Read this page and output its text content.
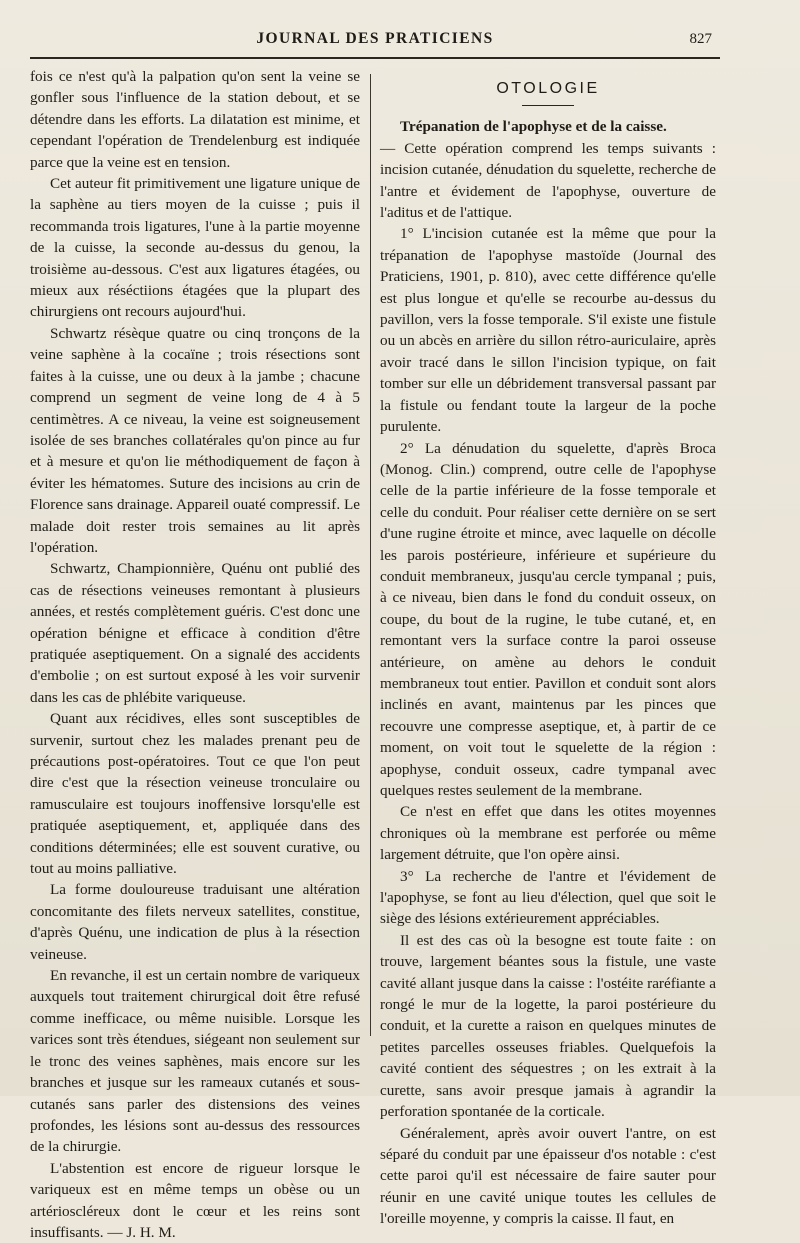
JOURNAL DES PRATICIENS	827

fois ce n'est qu'à la palpation qu'on sent la veine se gonfler sous l'influence de la station debout, et se détendre dans les efforts. La dilatation est minime, et cependant l'opération de Trendelenburg est indiquée parce que la veine est en tension.

Cet auteur fit primitivement une ligature unique de la saphène au tiers moyen de la cuisse ; puis il recommanda trois ligatures, l'une à la partie moyenne de la cuisse, la seconde au-dessus du genou, la troisième au-dessous. C'est aux ligatures étagées, ou mieux aux réséctiions étagées que la plupart des chirurgiens ont recours aujourd'hui.

Schwartz résèque quatre ou cinq tronçons de la veine saphène à la cocaïne ; trois résections sont faites à la cuisse, une ou deux à la jambe ; chacune comprend un segment de veine long de 4 à 5 centimètres. A ce niveau, la veine est soigneusement isolée de ses branches collatérales qu'on pince au fur et à mesure et qu'on lie méthodiquement de façon à éviter les hématomes. Suture des incisions au crin de Florence sans drainage. Appareil ouaté compressif. Le malade doit rester trois semaines au lit après l'opération.

Schwartz, Championnière, Quénu ont publié des cas de résections veineuses remontant à plusieurs années, et restés complètement guéris. C'est donc une opération bénigne et efficace à condition d'être pratiquée aseptiquement. On a signalé des accidents d'embolie ; on est surtout exposé à les voir survenir dans les cas de phlébite variqueuse.

Quant aux récidives, elles sont susceptibles de survenir, surtout chez les malades prenant peu de précautions post-opératoires. Tout ce que l'on peut dire c'est que la résection veineuse tronculaire ou ramusculaire est toujours inoffensive lorsqu'elle est pratiquée aseptiquement, et, appliquée dans des conditions déterminées; elle est souvent curative, ou tout au moins palliative.

La forme douloureuse traduisant une altération concomitante des filets nerveux satellites, constitue, d'après Quénu, une indication de plus à la résection veineuse.

En revanche, il est un certain nombre de variqueux auxquels tout traitement chirurgical doit être refusé comme inefficace, ou même nuisible. Lorsque les varices sont très étendues, siégeant non seulement sur le tronc des veines saphènes, mais encore sur les branches et jusque sur les rameaux cutanés et sous-cutanés sans parler des distensions des veines profondes, les lésions sont au-dessus des ressources de la chirurgie.

L'abstention est encore de rigueur lorsque le variqueux est en même temps un obèse ou un artérioscléreux dont le cœur et les reins sont insuffisants. — J. H. M.

OTOLOGIE

Trépanation de l'apophyse et de la caisse.

— Cette opération comprend les temps suivants : incision cutanée, dénudation du squelette, recherche de l'antre et évidement de l'apophyse, ouverture de l'aditus et de l'attique.

1° L'incision cutanée est la même que pour la trépanation de l'apophyse mastoïde (Journal des Praticiens, 1901, p. 810), avec cette différence qu'elle est plus longue et qu'elle se recourbe au-dessus du pavillon, vers la fosse temporale. S'il existe une fistule ou un abcès en arrière du sillon rétro-auriculaire, après avoir tracé dans le sillon l'incision typique, on fait tomber sur elle un débridement transversal passant par la fistule ou fendant toute la largeur de la poche purulente.

2° La dénudation du squelette, d'après Broca (Monog. Clin.) comprend, outre celle de l'apophyse celle de la partie inférieure de la fosse temporale et celle du conduit. Pour réaliser cette dernière on se sert d'une rugine étroite et mince, avec laquelle on décolle les parois postérieure, inférieure et supérieure du conduit membraneux, jusqu'au cercle tympanal ; puis, à ce niveau, bien dans le fond du conduit osseux, on coupe, du bout de la rugine, le tube cutané, et, en remontant vers la surface contre la paroi osseuse antérieure, on amène au dehors le conduit membraneux tout entier. Pavillon et conduit sont alors inclinés en avant, maintenus par les pinces que recouvre une compresse aseptique, et, à partir de ce moment, on voit tout le squelette de la région : apophyse, conduit osseux, cadre tympanal avec quelques restes seulement de la membrane.

Ce n'est en effet que dans les otites moyennes chroniques où la membrane est perforée ou même largement détruite, que l'on opère ainsi.

3° La recherche de l'antre et l'évidement de l'apophyse, se font au lieu d'élection, quel que soit le siège des lésions extérieurement appréciables.

Il est des cas où la besogne est toute faite : on trouve, largement béantes sous la fistule, une vaste cavité allant jusque dans la caisse : l'ostéite raréfiante a rongé le mur de la logette, la paroi postérieure du conduit, et la curette a raison en quelques minutes de petites parcelles osseuses friables. Quelquefois la cavité contient des séquestres ; on les extrait à la curette, sans avoir presque jamais à agrandir la perforation spontanée de la corticale.

Généralement, après avoir ouvert l'antre, on est séparé du conduit par une épaisseur d'os notable : c'est cette paroi qu'il est nécessaire de faire sauter pour réunir en une cavité unique toutes les cellules de l'oreille moyenne, y compris la caisse. Il faut, en
